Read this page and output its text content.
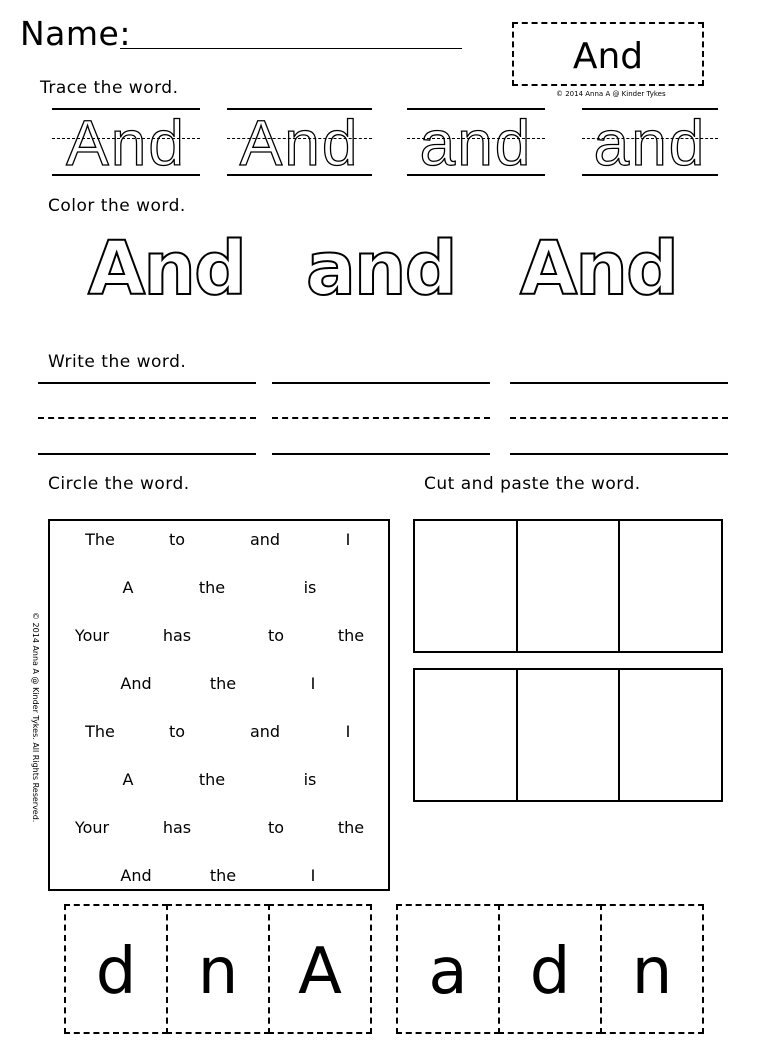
Name:
And
© 2014 Anna A @ Kinder Tykes
Trace the word.
And And and and
Color the word.
And and And
Write the word.
Circle the word.
The	to	and	I
A	the	is
Your	has	to	the
And	the	I
The	to	and	I
A	the	is
Your	has	to	the
And	the	I
© 2014 Anna A @ Kinder Tykes. All Rights Reserved.
Cut and paste the word.
d n A	a d n
